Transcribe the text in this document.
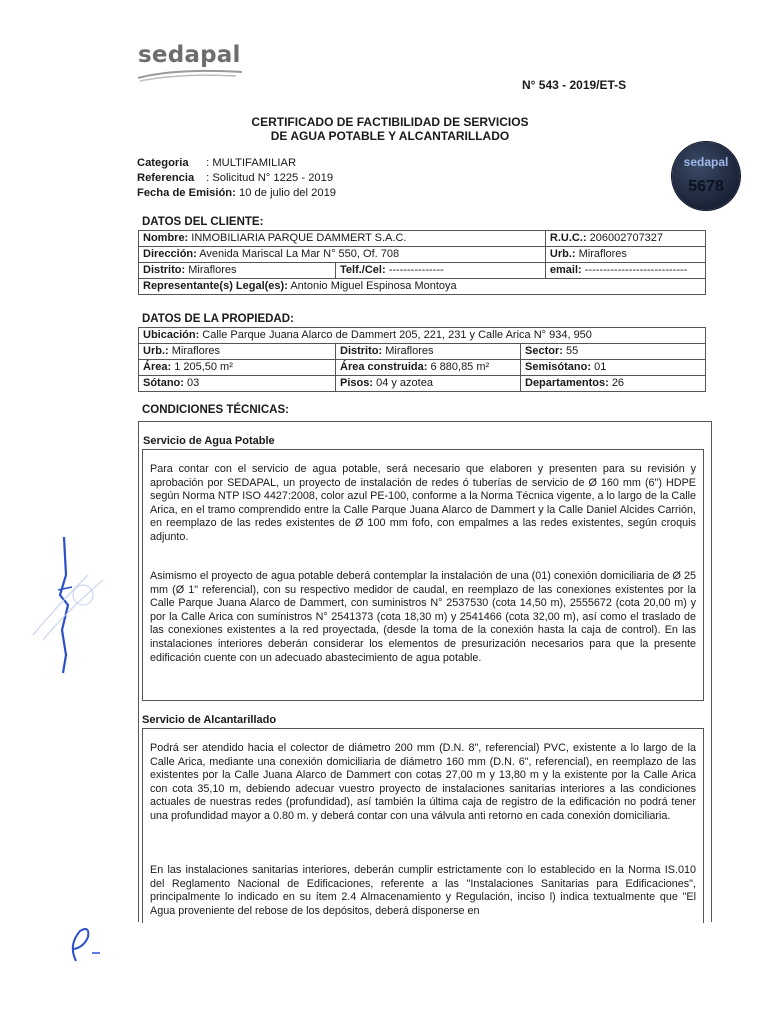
sedapal
N° 543 - 2019/ET-S
CERTIFICADO DE FACTIBILIDAD DE SERVICIOS
DE AGUA POTABLE Y ALCANTARILLADO
sedapal
5678
Categoria : MULTIFAMILIAR
Referencia : Solicitud N° 1225 - 2019
Fecha de Emisión: 10 de julio del 2019
DATOS DEL CLIENTE:
Nombre: INMOBILIARIA PARQUE DAMMERT S.A.C.		R.U.C.: 206002707327
Dirección: Avenida Mariscal La Mar N° 550, Of. 708		Urb.: Miraflores
Distrito: Miraflores	Telf./Cel: ---------------	email: ----------------------------
Representante(s) Legal(es): Antonio Miguel Espinosa Montoya		
DATOS DE LA PROPIEDAD:
Ubicación: Calle Parque Juana Alarco de Dammert 205, 221, 231 y Calle Arica N° 934, 950		
Urb.: Miraflores	Distrito: Miraflores	Sector: 55
Área: 1 205,50 m²	Área construida: 6 880,85 m²	Semisótano: 01
Sótano: 03	Pisos: 04 y azotea	Departamentos: 26
CONDICIONES TÉCNICAS:
Servicio de Agua Potable
Para contar con el servicio de agua potable, será necesario que elaboren y presenten para su revisión y aprobación por SEDAPAL, un proyecto de instalación de redes ó tuberías de servicio de Ø 160 mm (6") HDPE según Norma NTP ISO 4427:2008, color azul PE-100, conforme a la Norma Técnica vigente, a lo largo de la Calle Arica, en el tramo comprendido entre la Calle Parque Juana Alarco de Dammert y la Calle Daniel Alcides Carrión, en reemplazo de las redes existentes de Ø 100 mm fofo, con empalmes a las redes existentes, según croquis adjunto.
Asimismo el proyecto de agua potable deberá contemplar la instalación de una (01) conexión domiciliaria de Ø 25 mm (Ø 1" referencial), con su respectivo medidor de caudal, en reemplazo de las conexiones existentes por la Calle Parque Juana Alarco de Dammert, con suministros N° 2537530 (cota 14,50 m), 2555672 (cota 20,00 m) y por la Calle Arica con suministros N° 2541373 (cota 18,30 m) y 2541466 (cota 32,00 m), así como el traslado de las conexiones existentes a la red proyectada, (desde la toma de la conexión hasta la caja de control). En las instalaciones interiores deberán considerar los elementos de presurización necesarios para que la presente edificación cuente con un adecuado abastecimiento de agua potable.
Servicio de Alcantarillado
Podrá ser atendido hacia el colector de diámetro 200 mm (D.N. 8", referencial) PVC, existente a lo largo de la Calle Arica, mediante una conexión domiciliaria de diámetro 160 mm (D.N. 6", referencial), en reemplazo de las existentes por la Calle Juana Alarco de Dammert con cotas 27,00 m y 13,80 m y la existente por la Calle Arica con cota 35,10 m, debiendo adecuar vuestro proyecto de instalaciones sanitarias interiores a las condiciones actuales de nuestras redes (profundidad), así también la última caja de registro de la edificación no podrá tener una profundidad mayor a 0.80 m. y deberá contar con una válvula anti retorno en cada conexión domiciliaria.
En las instalaciones sanitarias interiores, deberán cumplir estrictamente con lo establecido en la Norma IS.010 del Reglamento Nacional de Edificaciones, referente a las "Instalaciones Sanitarias para Edificaciones", principalmente lo indicado en su ítem 2.4 Almacenamiento y Regulación, inciso l) indica textualmente que "El Agua proveniente del rebose de los depósitos, deberá disponerse en
